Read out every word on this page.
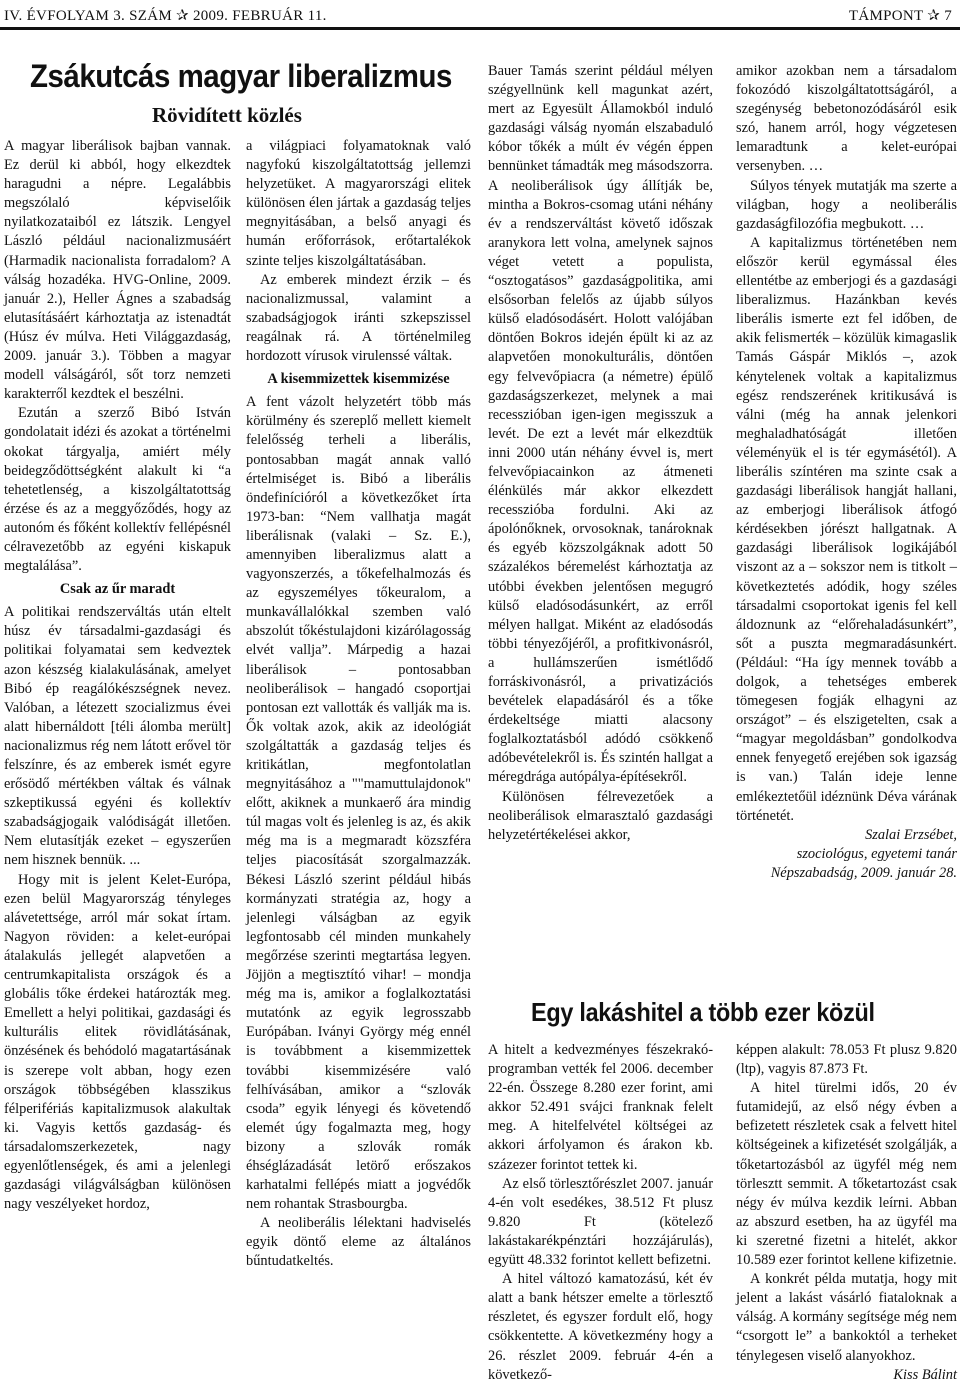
IV. ÉVFOLYAM 3. SZÁM ✰ 2009. FEBRUÁR 11.	TÁMPONT ✰ 7
Zsákutcás magyar liberalizmus
Rövidített közlés

A magyar liberálisok bajban vannak. Ez derül ki abból, hogy elkezdtek haragudni a népre. Legalábbis megszólaló képviselőik nyilatkozataiból ez látszik. Lengyel László például nacionalizmusáért (Harmadik nacionalista forradalom? A válság hozadéka. HVG-Online, 2009. január 2.), Heller Ágnes a szabadság elutasításáért kárhoztatja az istenadtát (Húsz év múlva. Heti Világgazdaság, 2009. január 3.). Többen a magyar modell válságáról, sőt torz nemzeti karakterről kezdtek el beszélni.

Ezután a szerző Bibó István gondolatait idézi és azokat a történelmi okokat tárgyalja, amiért mély beidegződöttségként alakult ki “a tehetetlenség, a kiszolgáltatottság érzése és az a meggyőződés, hogy az autonóm és főként kollektív fellépésnél célravezetőbb az egyéni kiskapuk megtalálása”.

Csak az űr maradt

A politikai rendszerváltás után eltelt húsz év társadalmi-gazdasági és politikai folyamatai sem kedveztek azon készség kialakulásának, amelyet Bibó ép reagálókészségnek nevez. Valóban, a létezett szocializmus évei alatt hibernáldott [téli álomba merült] nacionalizmus rég nem látott erővel tör felszínre, és az emberek ismét egyre erősödő mértékben váltak és válnak szkeptikussá egyéni és kollektív szabadságjogaik valódiságát illetően. Nem elutasítják ezeket – egyszerűen nem hisznek bennük. ...

Hogy mit is jelent Kelet-Európa, ezen belül Magyarország tényleges alávetettsége, arról már sokat írtam. Nagyon röviden: a kelet-európai átalakulás jellegét alapvetően a centrumkapitalista országok és a globális tőke érdekei határozták meg. Emellett a helyi politikai, gazdasági és kulturális elitek rövidlátásának, önzésének és behódoló magatartásának is szerepe volt abban, hogy ezen országok többségében klasszikus félperifériás kapitalizmusok alakultak ki. Vagyis kettős gazdaság- és társadalomszerkezetek, nagy egyenlőtlenségek, és ami a jelenlegi gazdasági világválságban különösen nagy veszélyeket hordoz,

a világpiaci folyamatoknak való nagyfokú kiszolgáltatottság jellemzi helyzetüket. A magyarországi elitek különösen élen jártak a gazdaság teljes megnyitásában, a belső anyagi és humán erőforrások, erőtartalékok szinte teljes kiszolgáltatásában.

Az emberek mindezt érzik – és nacionalizmussal, valamint a szabadságjogok iránti szkepszissel reagálnak rá. A történelmileg hordozott vírusok virulenssé váltak.

A kisemmizettek kisemmizése

A fent vázolt helyzetért több más körülmény és szereplő mellett kiemelt felelősség terheli a liberális, pontosabban magát annak valló értelmiséget is. Bibó a liberális öndefinícióról a következőket írta 1973-ban: “Nem vallhatja magát liberálisnak (valaki – Sz. E.), amennyiben liberalizmus alatt a vagyonszerzés, a tőkefelhalmozás és az egyszemélyes tőkeuralom, a munkavállalókkal szemben való abszolút tőkéstulajdoni kizárólagosság elvét vallja”. Márpedig a hazai liberálisok – pontosabban neoliberálisok – hangadó csoportjai pontosan ezt vallották és vallják ma is. Ők voltak azok, akik az ideológiát szolgáltatták a gazdaság teljes és kritikátlan, megfontolatlan megnyitásához a ""mamuttulajdonok" előtt, akiknek a munkaerő ára mindig túl magas volt és jelenleg is az, és akik még ma is a megmaradt közszféra teljes piacosítását szorgalmazzák. Békesi László szerint például hibás kormányzati stratégia az, hogy a jelenlegi válságban az egyik legfontosabb cél minden munkahely megőrzése szerinti megtartása legyen. Jöjjön a megtisztító vihar! – mondja még ma is, amikor a foglalkoztatási mutatónk az egyik legrosszabb Európában. Iványi György még ennél is továbbment a kisemmizettek további kisemmizésére való felhívásában, amikor a “szlovák csoda” egyik lényegi és követendő elemét úgy fogalmazta meg, hogy bizony a szlovák romák éhséglázadását letörő erőszakos karhatalmi fellépés miatt a jogvédők nem rohantak Strasbourgba.

A neoliberális lélektani hadviselés egyik döntő eleme az általános bűntudatkeltés.

Bauer Tamás szerint például mélyen szégyellnünk kell magunkat azért, mert az Egyesült Államokból induló gazdasági válság nyomán elszabaduló kóbor tőkék a múlt év végén éppen bennünket támadták meg másodszorra. A neoliberálisok úgy állítják be, mintha a Bokros-csomag utáni néhány év a rendszerváltást követő időszak aranykora lett volna, amelynek sajnos véget vetett a populista, “osztogatásos” gazdaságpolitika, ami elsősorban felelős az újabb súlyos külső eladósodásért. Holott valójában döntően Bokros idején épült ki az az alapvetően monokulturális, döntően egy felvevőpiacra (a németre) épülő gazdaságszerkezet, melynek a mai recesszióban igen-igen megisszuk a levét. De ezt a levét már elkezdtük inni 2000 után néhány évvel is, mert felvevőpiacainkon az átmeneti élénkülés már akkor elkezdett recesszióba fordulni. Aki az ápolónőknek, orvosoknak, tanároknak és egyéb közszolgáknak adott 50 százalékos béremelést kárhoztatja az utóbbi években jelentősen megugró külső eladósodásunkért, az erről mélyen hallgat. Miként az eladósodás többi tényezőjéről, a profitkivonásról, a hullámszerűen ismétlődő forráskivonásról, a privatizációs bevételek elapadásáról és a tőke érdekeltsége miatti alacsony foglalkoztatásból adódó csökkenő adóbevételekről is. És szintén hallgat a méregdrága autópálya-építésekről.

Különösen félrevezetőek a neoliberálisok elmarasztaló gazdasági helyzetértékelései akkor,

amikor azokban nem a társadalom fokozódó kiszolgáltatottságáról, a szegénység bebetonozódásáról esik szó, hanem arról, hogy végzetesen lemaradtunk a kelet-európai versenyben. …

Súlyos tények mutatják ma szerte a világban, hogy a neoliberális gazdaságfilozófia megbukott. …

A kapitalizmus történetében nem először kerül egymással éles ellentétbe az emberjogi és a gazdasági liberalizmus. Hazánkban kevés liberális ismerte ezt fel időben, de akik felismerték – közülük kimagaslik Tamás Gáspár Miklós –, azok kénytelenek voltak a kapitalizmus egész rendszerének kritikusává is válni (még ha annak jelenkori meghaladhatóságát illetően véleményük el is tér egymásétól). A liberális színtéren ma szinte csak a gazdasági liberálisok hangját hallani, az emberjogi liberálisok átfogó kérdésekben jórészt hallgatnak. A gazdasági liberálisok logikájából viszont az a – sokszor nem is titkolt – következtetés adódik, hogy széles társadalmi csoportokat igenis fel kell áldoznunk az “előrehaladásunkért”, sőt a puszta megmaradásunkért. (Például: “Ha így mennek tovább a dolgok, a tehetséges emberek tömegesen fogják elhagyni az országot” – és elszigetelten, csak a “magyar megoldásban” gondolkodva ennek fenyegető erejében sok igazság is van.) Talán ideje lenne emlékeztetőül idéznünk Déva várának történetét.

Szalai Erzsébet,
szociológus, egyetemi tanár
Népszabadság, 2009. január 28.
Egy lakáshitel a több ezer közül

A hitelt a kedvezményes fészekrakó-programban vették fel 2006. december 22-én. Összege 8.280 ezer forint, ami akkor 52.491 svájci franknak felelt meg. A hitelfelvétel költségei az akkori árfolyamon és árakon kb. százezer forintot tettek ki.

Az első törlesztőrészlet 2007. január 4-én volt esedékes, 38.512 Ft plusz 9.820 Ft (kötelező lakástakarékpénztári hozzájárulás), együtt 48.332 forintot kellett befizetni.

A hitel változó kamatozású, két év alatt a bank hétszer emelte a törlesztő részletet, és egyszer fordult elő, hogy csökkentette. A következmény hogy a 26. részlet 2009. február 4-én a következő-

képpen alakult: 78.053 Ft plusz 9.820 (ltp), vagyis 87.873 Ft.

A hitel türelmi idős, 20 év futamidejű, az első négy évben a befizetett részletek csak a felvett hitel költségeinek a kifizetését szolgálják, a tőketartozásból az ügyfél még nem törlesztt semmit. A tőketartozást csak négy év múlva kezdik leírni. Abban az abszurd esetben, ha az ügyfél ma ki szeretné fizetni a hitelét, akkor 10.589 ezer forintot kellene kifizetnie.

A konkrét példa mutatja, hogy mit jelent a lakást vásárló fiataloknak a válság. A kormány segítsége még nem “csorgott le” a bankoktól a terheket ténylegesen viselő alanyokhoz.

Kiss Bálint
